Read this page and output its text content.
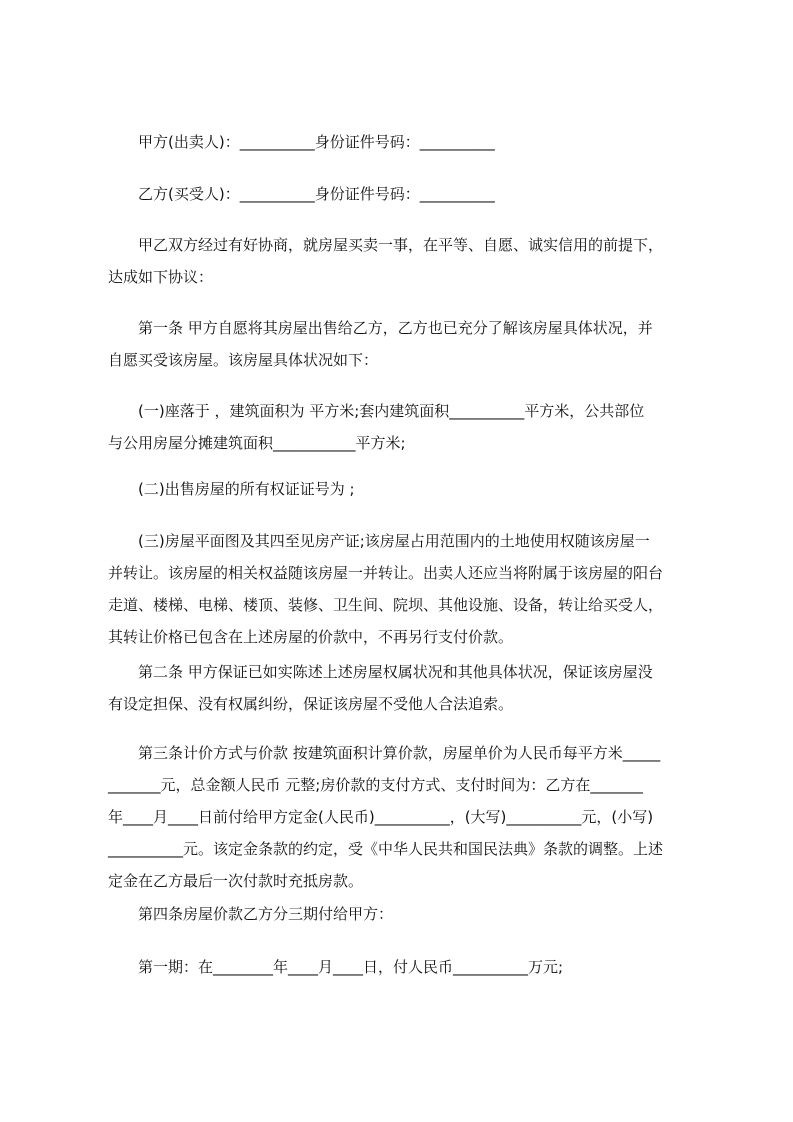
甲方(出卖人)：__________身份证件号码：__________

乙方(买受人)：__________身份证件号码：__________

甲乙双方经过有好协商，就房屋买卖一事，在平等、自愿、诚实信用的前提下，
达成如下协议：

第一条 甲方自愿将其房屋出售给乙方，乙方也已充分了解该房屋具体状况，并
自愿买受该房屋。该房屋具体状况如下：

(一)座落于 ，建筑面积为 平方米;套内建筑面积__________平方米，公共部位
与公用房屋分摊建筑面积___________平方米;

(二)出售房屋的所有权证证号为 ;

(三)房屋平面图及其四至见房产证;该房屋占用范围内的土地使用权随该房屋一
并转让。该房屋的相关权益随该房屋一并转让。出卖人还应当将附属于该房屋的阳台
走道、楼梯、电梯、楼顶、装修、卫生间、院坝、其他设施、设备，转让给买受人，
其转让价格已包含在上述房屋的价款中，不再另行支付价款。

第二条 甲方保证已如实陈述上述房屋权属状况和其他具体状况，保证该房屋没
有设定担保、没有权属纠纷，保证该房屋不受他人合法追索。

第三条计价方式与价款 按建筑面积计算价款，房屋单价为人民币每平方米_____
_______元，总金额人民币 元整;房价款的支付方式、支付时间为：乙方在_______
年____月____日前付给甲方定金(人民币)__________，(大写)__________元，(小写)
__________元。该定金条款的约定，受《中华人民共和国民法典》条款的调整。上述
定金在乙方最后一次付款时充抵房款。

第四条房屋价款乙方分三期付给甲方：

第一期：在________年____月____日，付人民币__________万元;
